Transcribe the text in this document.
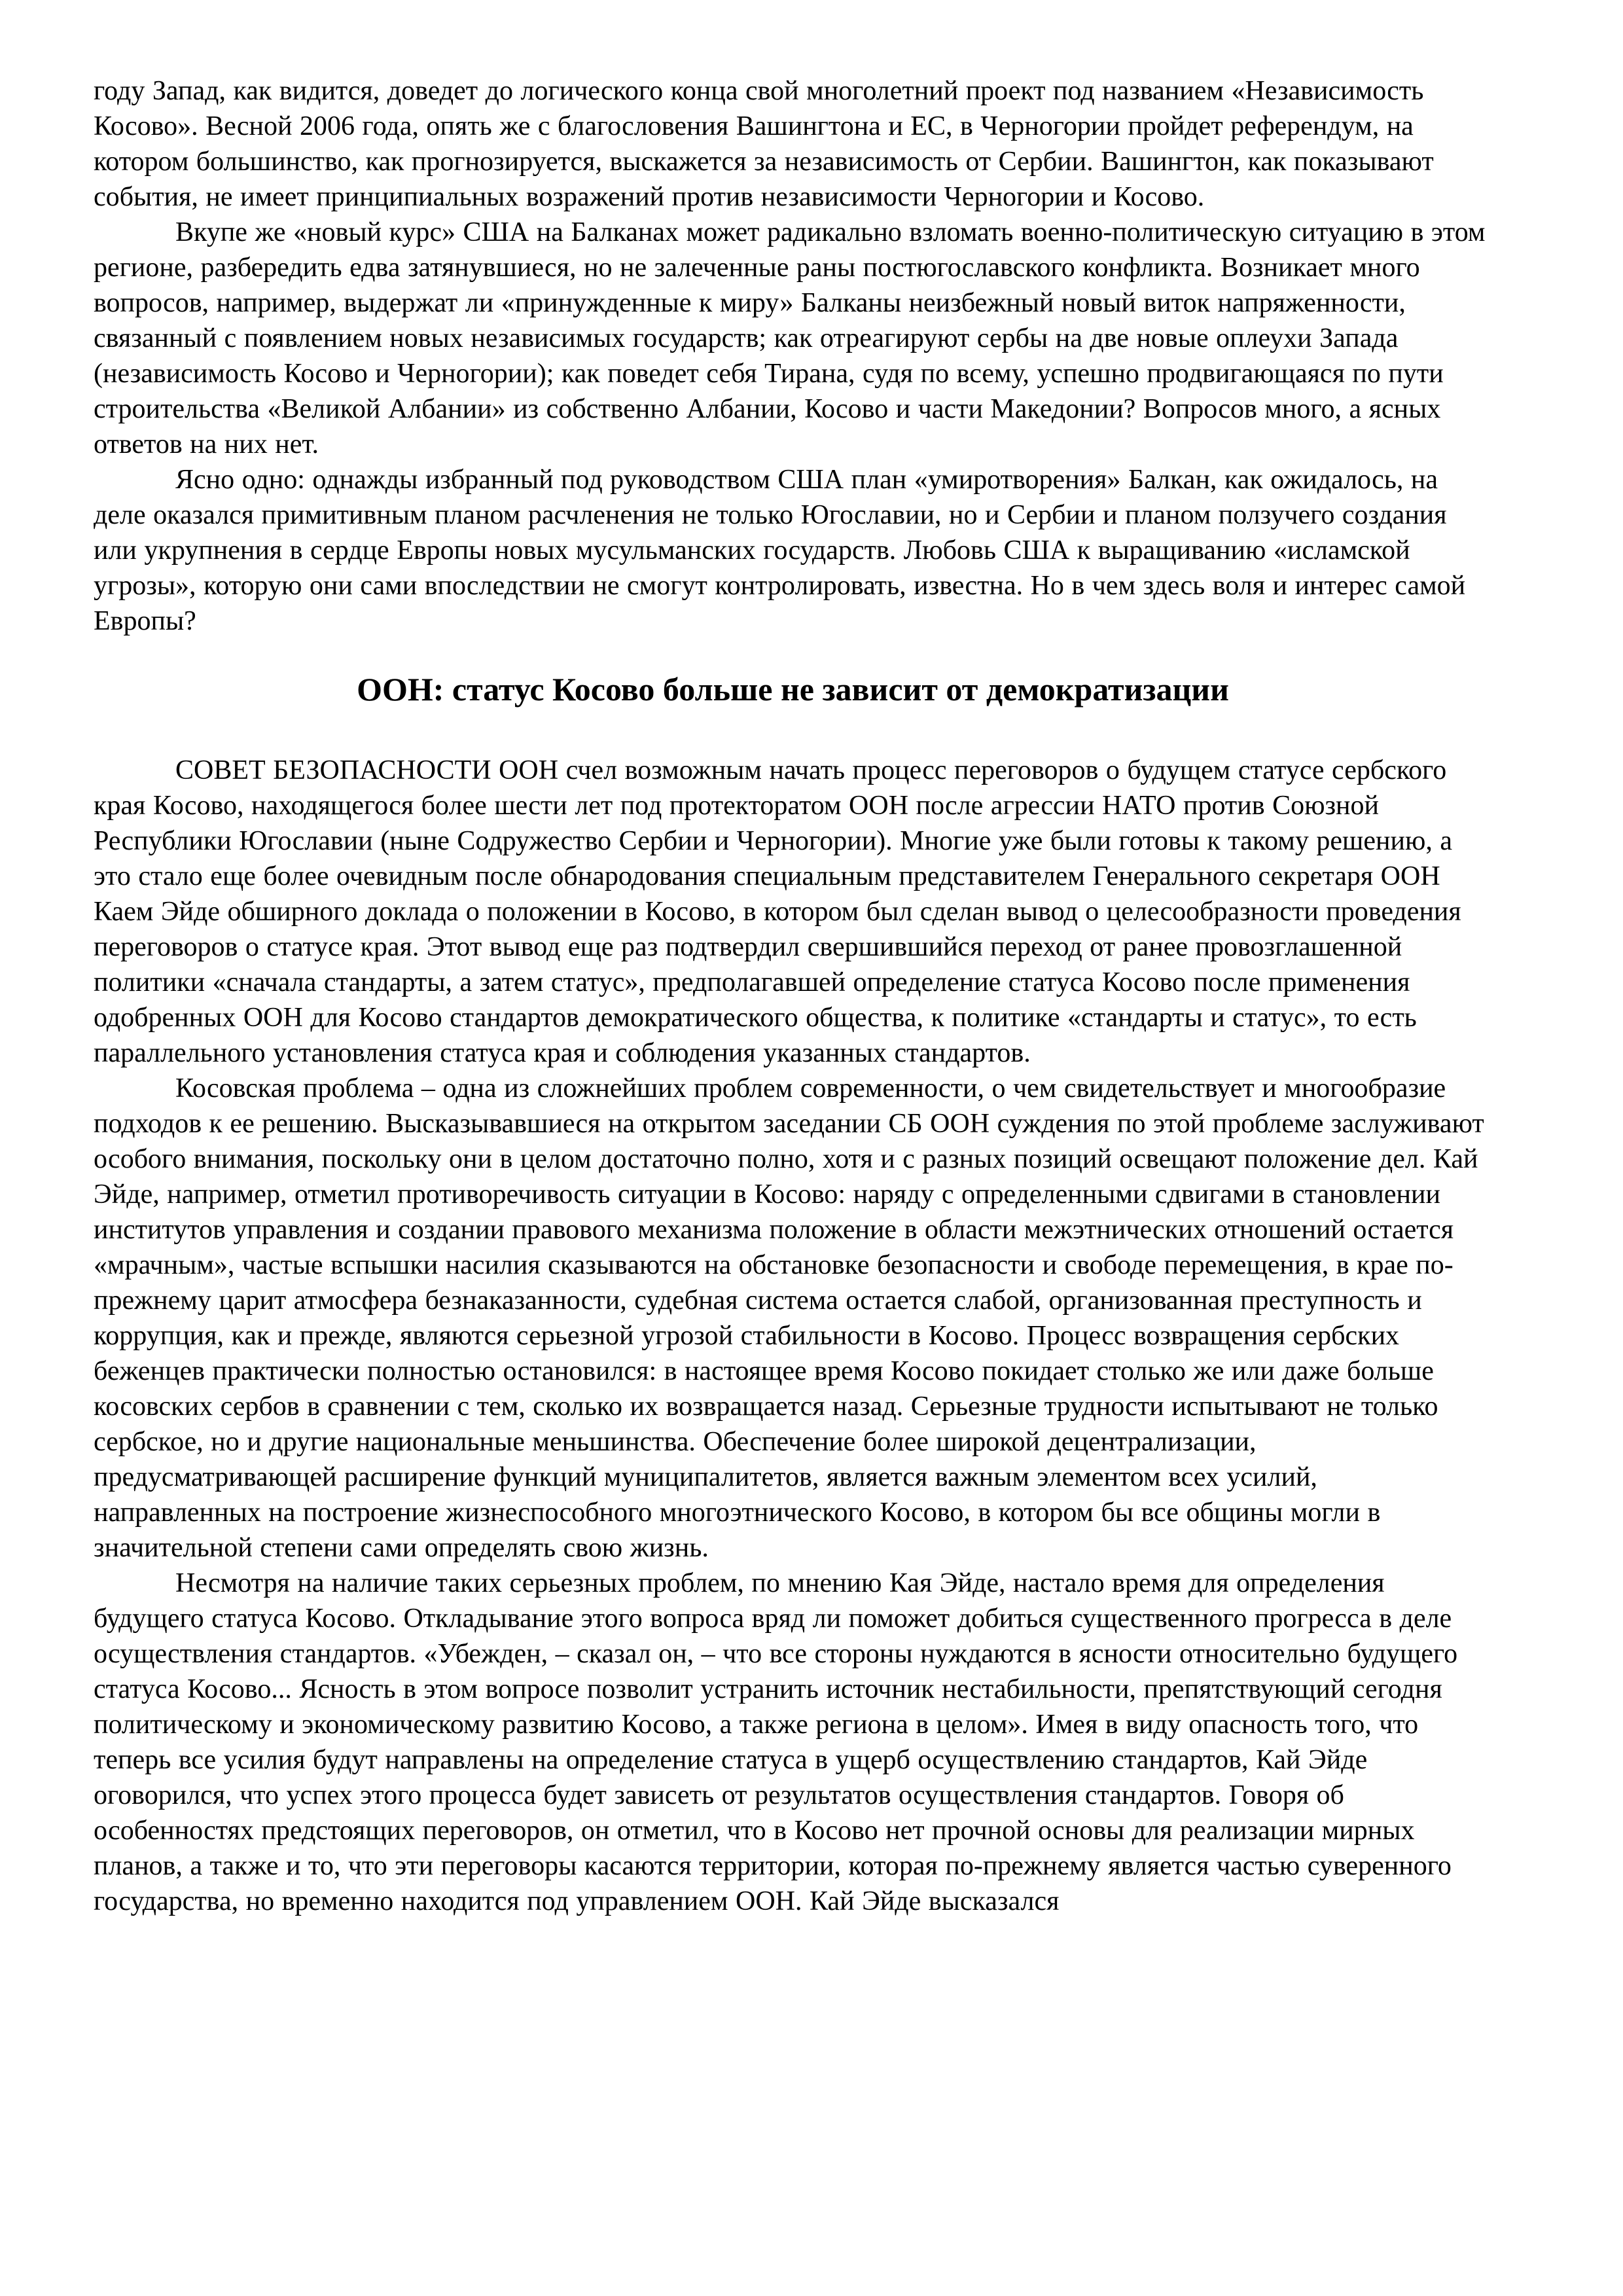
году Запад, как видится, доведет до логического конца свой многолетний проект под названием «Независимость Косово». Весной 2006 года, опять же с благословения Вашингтона и ЕС, в Черногории пройдет референдум, на котором большинство, как прогнозируется, выскажется за независимость от Сербии. Вашингтон, как показывают события, не имеет принципиальных возражений против независимости Черногории и Косово.

Вкупе же «новый курс» США на Балканах может радикально взломать военно-политическую ситуацию в этом регионе, разбередить едва затянувшиеся, но не залеченные раны постюгославского конфликта. Возникает много вопросов, например, выдержат ли «принужденные к миру» Балканы неизбежный новый виток напряженности, связанный с появлением новых независимых государств; как отреагируют сербы на две новые оплеухи Запада (независимость Косово и Черногории); как поведет себя Тирана, судя по всему, успешно продвигающаяся по пути строительства «Великой Албании» из собственно Албании, Косово и части Македонии? Вопросов много, а ясных ответов на них нет.

Ясно одно: однажды избранный под руководством США план «умиротворения» Балкан, как ожидалось, на деле оказался примитивным планом расчленения не только Югославии, но и Сербии и планом ползучего создания или укрупнения в сердце Европы новых мусульманских государств. Любовь США к выращиванию «исламской угрозы», которую они сами впоследствии не смогут контролировать, известна. Но в чем здесь воля и интерес самой Европы?

ООН: статус Косово больше не зависит от демократизации

СОВЕТ БЕЗОПАСНОСТИ ООН счел возможным начать процесс переговоров о будущем статусе сербского края Косово, находящегося более шести лет под протекторатом ООН после агрессии НАТО против Союзной Республики Югославии (ныне Содружество Сербии и Черногории). Многие уже были готовы к такому решению, а это стало еще более очевидным после обнародования специальным представителем Генерального секретаря ООН Каем Эйде обширного доклада о положении в Косово, в котором был сделан вывод о целесообразности проведения переговоров о статусе края. Этот вывод еще раз подтвердил свершившийся переход от ранее провозглашенной политики «сначала стандарты, а затем статус», предполагавшей определение статуса Косово после применения одобренных ООН для Косово стандартов демократического общества, к политике «стандарты и статус», то есть параллельного установления статуса края и соблюдения указанных стандартов.

Косовская проблема – одна из сложнейших проблем современности, о чем свидетельствует и многообразие подходов к ее решению. Высказывавшиеся на открытом заседании СБ ООН суждения по этой проблеме заслуживают особого внимания, поскольку они в целом достаточно полно, хотя и с разных позиций освещают положение дел. Кай Эйде, например, отметил противоречивость ситуации в Косово: наряду с определенными сдвигами в становлении институтов управления и создании правового механизма положение в области межэтнических отношений остается «мрачным», частые вспышки насилия сказываются на обстановке безопасности и свободе перемещения, в крае по-прежнему царит атмосфера безнаказанности, судебная система остается слабой, организованная преступность и коррупция, как и прежде, являются серьезной угрозой стабильности в Косово. Процесс возвращения сербских беженцев практически полностью остановился: в настоящее время Косово покидает столько же или даже больше косовских сербов в сравнении с тем, сколько их возвращается назад. Серьезные трудности испытывают не только сербское, но и другие национальные меньшинства. Обеспечение более широкой децентрализации, предусматривающей расширение функций муниципалитетов, является важным элементом всех усилий, направленных на построение жизнеспособного многоэтнического Косово, в котором бы все общины могли в значительной степени сами определять свою жизнь.

Несмотря на наличие таких серьезных проблем, по мнению Кая Эйде, настало время для определения будущего статуса Косово. Откладывание этого вопроса вряд ли поможет добиться существенного прогресса в деле осуществления стандартов. «Убежден, – сказал он, – что все стороны нуждаются в ясности относительно будущего статуса Косово... Ясность в этом вопросе позволит устранить источник нестабильности, препятствующий сегодня политическому и экономическому развитию Косово, а также региона в целом». Имея в виду опасность того, что теперь все усилия будут направлены на определение статуса в ущерб осуществлению стандартов, Кай Эйде оговорился, что успех этого процесса будет зависеть от результатов осуществления стандартов. Говоря об особенностях предстоящих переговоров, он отметил, что в Косово нет прочной основы для реализации мирных планов, а также и то, что эти переговоры касаются территории, которая по-прежнему является частью суверенного государства, но временно находится под управлением ООН. Кай Эйде высказался
